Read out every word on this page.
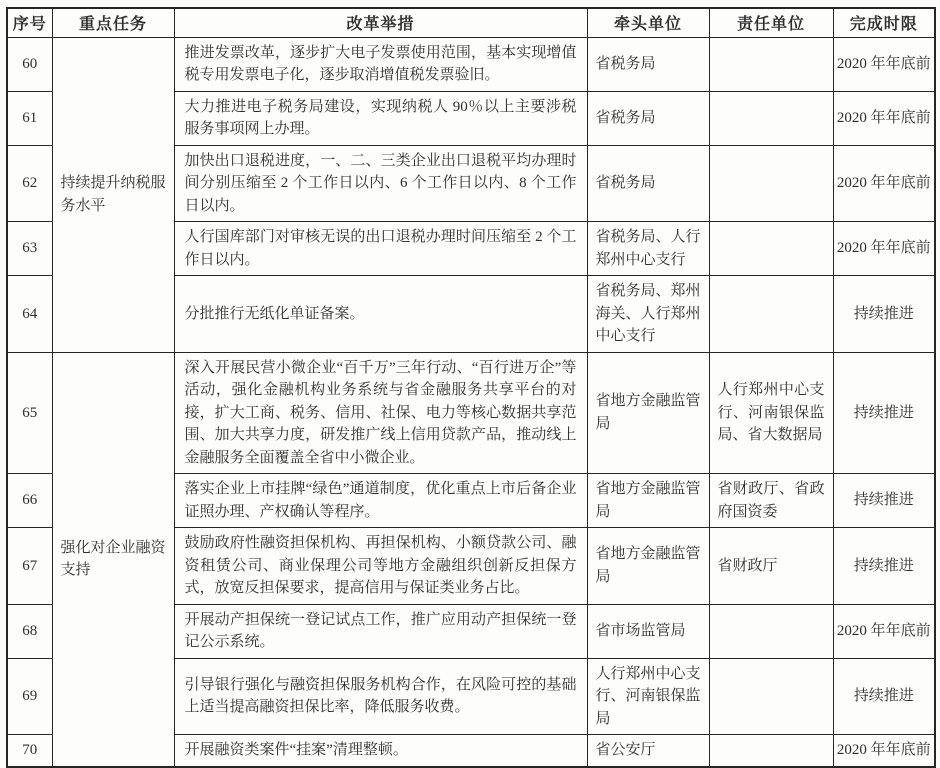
序号	重点任务	改革举措	牵头单位	责任单位	完成时限
60	持续提升纳税服务水平	推进发票改革，逐步扩大电子发票使用范围，基本实现增值税专用发票电子化，逐步取消增值税发票验旧。	省税务局		2020 年年底前
61		大力推进电子税务局建设，实现纳税人 90％以上主要涉税服务事项网上办理。	省税务局		2020 年年底前
62		加快出口退税进度，一、二、三类企业出口退税平均办理时间分别压缩至 2 个工作日以内、6 个工作日以内、8 个工作日以内。	省税务局		2020 年年底前
63		人行国库部门对审核无误的出口退税办理时间压缩至 2 个工作日以内。	省税务局、人行郑州中心支行		2020 年年底前
64		分批推行无纸化单证备案。	省税务局、郑州海关、人行郑州中心支行		持续推进
65	强化对企业融资支持	深入开展民营小微企业“百千万”三年行动、“百行进万企”等活动，强化金融机构业务系统与省金融服务共享平台的对接，扩大工商、税务、信用、社保、电力等核心数据共享范围、加大共享力度，研发推广线上信用贷款产品，推动线上金融服务全面覆盖全省中小微企业。	省地方金融监管局	人行郑州中心支行、河南银保监局、省大数据局	持续推进
66		落实企业上市挂牌“绿色”通道制度，优化重点上市后备企业证照办理、产权确认等程序。	省地方金融监管局	省财政厅、省政府国资委	持续推进
67		鼓励政府性融资担保机构、再担保机构、小额贷款公司、融资租赁公司、商业保理公司等地方金融组织创新反担保方式，放宽反担保要求，提高信用与保证类业务占比。	省地方金融监管局	省财政厅	持续推进
68		开展动产担保统一登记试点工作，推广应用动产担保统一登记公示系统。	省市场监管局		2020 年年底前
69		引导银行强化与融资担保服务机构合作，在风险可控的基础上适当提高融资担保比率，降低服务收费。	人行郑州中心支行、河南银保监局		持续推进
70		开展融资类案件“挂案”清理整顿。	省公安厅		2020 年年底前
